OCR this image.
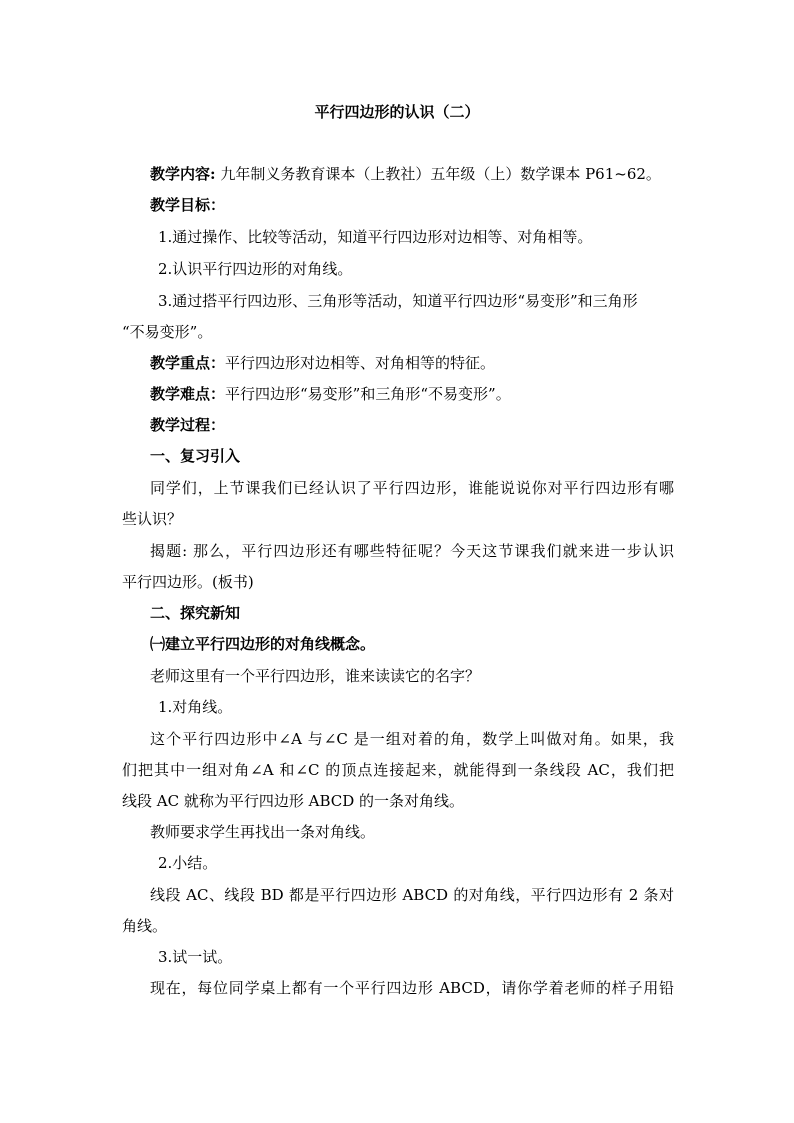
平行四边形的认识（二）
教学内容: 九年制义务教育课本（上教社）五年级（上）数学课本 P61~62。
教学目标：
1.通过操作、比较等活动，知道平行四边形对边相等、对角相等。
2.认识平行四边形的对角线。
3.通过搭平行四边形、三角形等活动，知道平行四边形“易变形”和三角形
“不易变形”。
教学重点：平行四边形对边相等、对角相等的特征。
教学难点：平行四边形“易变形”和三角形“不易变形”。
教学过程：
一、复习引入
同学们，上节课我们已经认识了平行四边形，谁能说说你对平行四边形有哪
些认识？
揭题: 那么，平行四边形还有哪些特征呢？今天这节课我们就来进一步认识
平行四边形。(板书)
二、探究新知
㈠建立平行四边形的对角线概念。
老师这里有一个平行四边形，谁来读读它的名字？
1.对角线。
这个平行四边形中∠A 与∠C 是一组对着的角，数学上叫做对角。如果，我
们把其中一组对角∠A 和∠C 的顶点连接起来，就能得到一条线段 AC，我们把
线段 AC 就称为平行四边形 ABCD 的一条对角线。
教师要求学生再找出一条对角线。
2.小结。
线段 AC、线段 BD 都是平行四边形 ABCD 的对角线，平行四边形有 2 条对
角线。
3.试一试。
现在，每位同学桌上都有一个平行四边形 ABCD，请你学着老师的样子用铅
